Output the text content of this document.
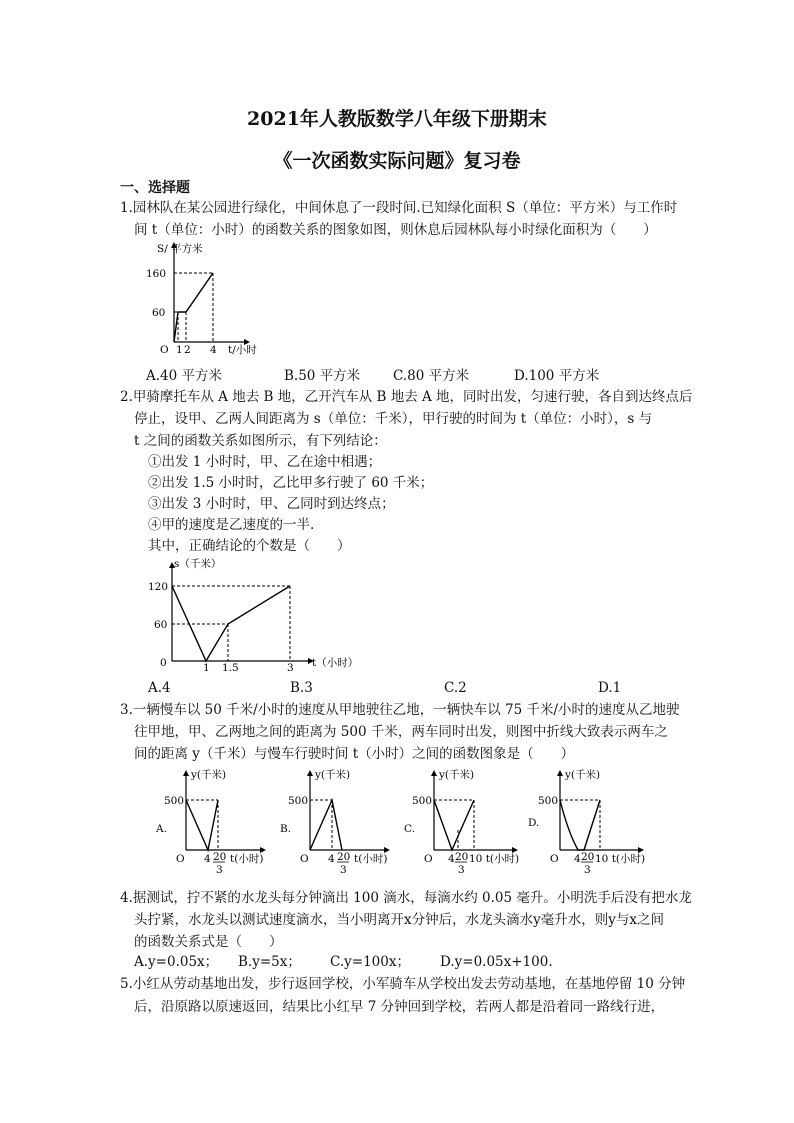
2021年人教版数学八年级下册期末
《一次函数实际问题》复习卷
一、选择题
1.园林队在某公园进行绿化，中间休息了一段时间.已知绿化面积 S（单位：平方米）与工作时
间 t（单位：小时）的函数关系的图象如图，则休息后园林队每小时绿化面积为（　　）
S/ 平方米
160
60
O 1 2 4 t/小时
A.40 平方米	B.50 平方米 C.80 平方米	D.100 平方米
2.甲骑摩托车从 A 地去 B 地，乙开汽车从 B 地去 A 地，同时出发，匀速行驶，各自到达终点后
停止，设甲、乙两人间距离为 s（单位：千米），甲行驶的时间为 t（单位：小时），s 与
t 之间的函数关系如图所示，有下列结论：
①出发 1 小时时，甲、乙在途中相遇；
②出发 1.5 小时时，乙比甲多行驶了 60 千米；
③出发 3 小时时，甲、乙同时到达终点；
④甲的速度是乙速度的一半.
其中，正确结论的个数是（　　）
s（千米）
120
60
0	1 1.5	3 t（小时）
A.4	B.3	C.2	D.1
3.一辆慢车以 50 千米/小时的速度从甲地驶往乙地，一辆快车以 75 千米/小时的速度从乙地驶
往甲地，甲、乙两地之间的距离为 500 千米，两车同时出发，则图中折线大致表示两车之
间的距离 y（千米）与慢车行驶时间 t（小时）之间的函数图象是（　　）
y(千米)
500
A.
O 4 20
3
t(小时)
y(千米)
500
B.
O 4 20
3
t(小时)
y(千米)
500
C.
O 4 20
3
10 t(小时)
y(千米)
500
D.
O 4 20
3
10 t(小时)
4.据测试，拧不紧的水龙头每分钟滴出 100 滴水，每滴水约 0.05 毫升。小明洗手后没有把水龙
头拧紧，水龙头以测试速度滴水，当小明离开x分钟后，水龙头滴水y毫升水，则y与x之间
的函数关系式是（　　）
A.y=0.05x； B.y=5x； C.y=100x； D.y=0.05x+100.
5.小红从劳动基地出发，步行返回学校，小军骑车从学校出发去劳动基地，在基地停留 10 分钟
后，沿原路以原速返回，结果比小红早 7 分钟回到学校，若两人都是沿着同一路线行进，
